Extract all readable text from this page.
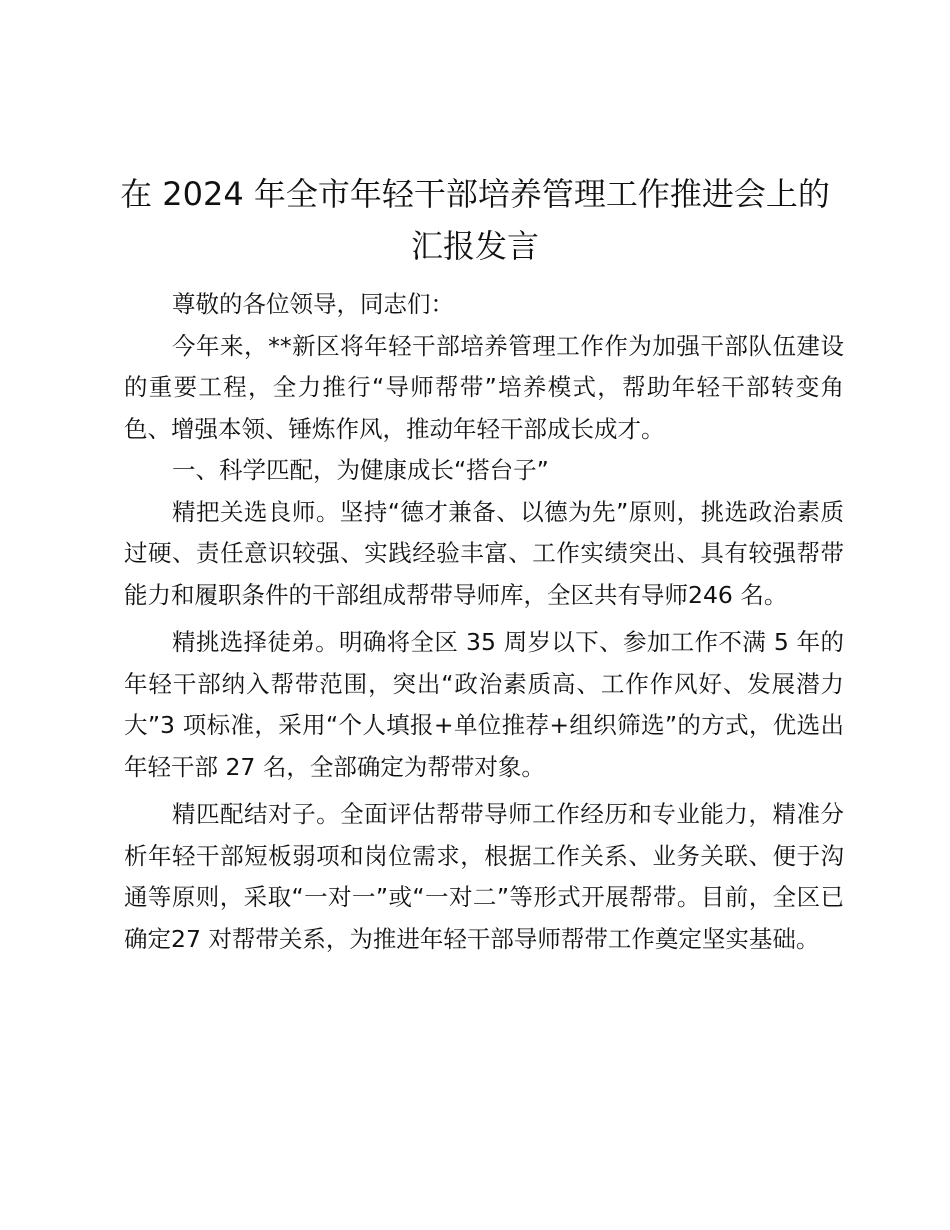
在 2024 年全市年轻干部培养管理工作推进会上的汇报发言

尊敬的各位领导，同志们：

今年来，**新区将年轻干部培养管理工作作为加强干部队伍建设的重要工程，全力推行“导师帮带”培养模式，帮助年轻干部转变角色、增强本领、锤炼作风，推动年轻干部成长成才。

一、科学匹配，为健康成长“搭台子”

精把关选良师。坚持“德才兼备、以德为先”原则，挑选政治素质过硬、责任意识较强、实践经验丰富、工作实绩突出、具有较强帮带能力和履职条件的干部组成帮带导师库，全区共有导师246 名。

精挑选择徒弟。明确将全区 35 周岁以下、参加工作不满 5 年的年轻干部纳入帮带范围，突出“政治素质高、工作作风好、发展潜力大”3 项标准，采用“个人填报+单位推荐+组织筛选”的方式，优选出年轻干部 27 名，全部确定为帮带对象。

精匹配结对子。全面评估帮带导师工作经历和专业能力，精准分析年轻干部短板弱项和岗位需求，根据工作关系、业务关联、便于沟通等原则，采取“一对一”或“一对二”等形式开展帮带。目前，全区已确定27 对帮带关系，为推进年轻干部导师帮带工作奠定坚实基础。
